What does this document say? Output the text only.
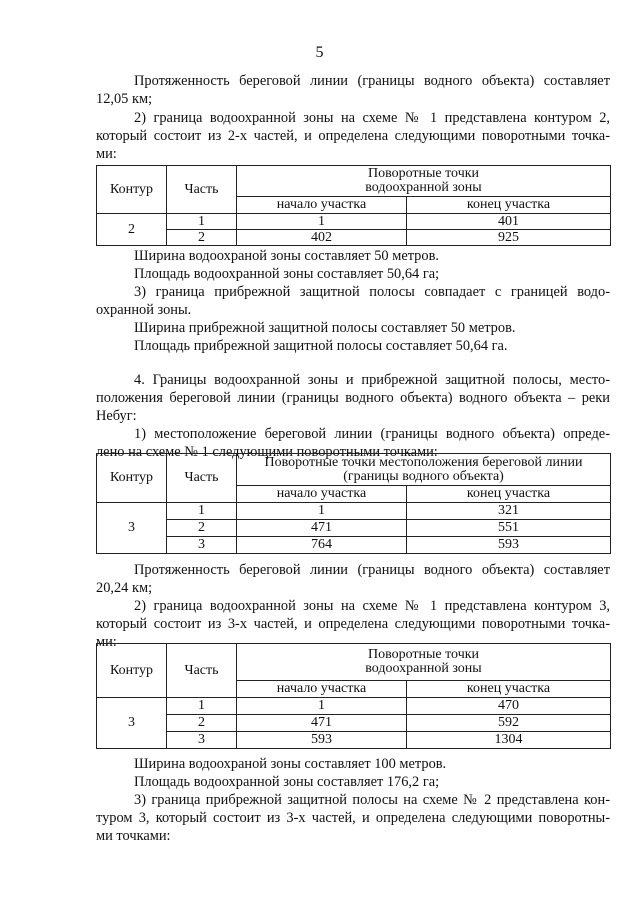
5
Протяженность береговой линии (границы водного объекта) составляет
12,05 км;
2) граница водоохранной зоны на схеме № 1 представлена контуром 2,
который состоит из 2-х частей, и определена следующими поворотными точка-
ми:
Контур	Часть	Поворотные точки
водоохранной зоны	
		начало участка	конец участка
2	1	1	401
	2	402	925
Ширина водоохраной зоны составляет 50 метров.
Площадь водоохранной зоны составляет 50,64 га;
3) граница прибрежной защитной полосы совпадает с границей водо-
охранной зоны.
Ширина прибрежной защитной полосы составляет 50 метров.
Площадь прибрежной защитной полосы составляет 50,64 га.
4. Границы водоохранной зоны и прибрежной защитной полосы, место-
положения береговой линии (границы водного объекта) водного объекта – реки
Небуг:
1) местоположение береговой линии (границы водного объекта) опреде-
лено на схеме № 1 следующими поворотными точками:
Контур	Часть	Поворотные точки местоположения береговой линии
(границы водного объекта)	
		начало участка	конец участка
3	1	1	321
	2	471	551
	3	764	593
Протяженность береговой линии (границы водного объекта) составляет
20,24 км;
2) граница водоохранной зоны на схеме № 1 представлена контуром 3,
который состоит из 3-х частей, и определена следующими поворотными точка-
ми:
Контур	Часть	Поворотные точки
водоохранной зоны	
		начало участка	конец участка
3	1	1	470
	2	471	592
	3	593	1304
Ширина водоохраной зоны составляет 100 метров.
Площадь водоохранной зоны составляет 176,2 га;
3) граница прибрежной защитной полосы на схеме № 2 представлена кон-
туром 3, который состоит из 3-х частей, и определена следующими поворотны-
ми точками:
